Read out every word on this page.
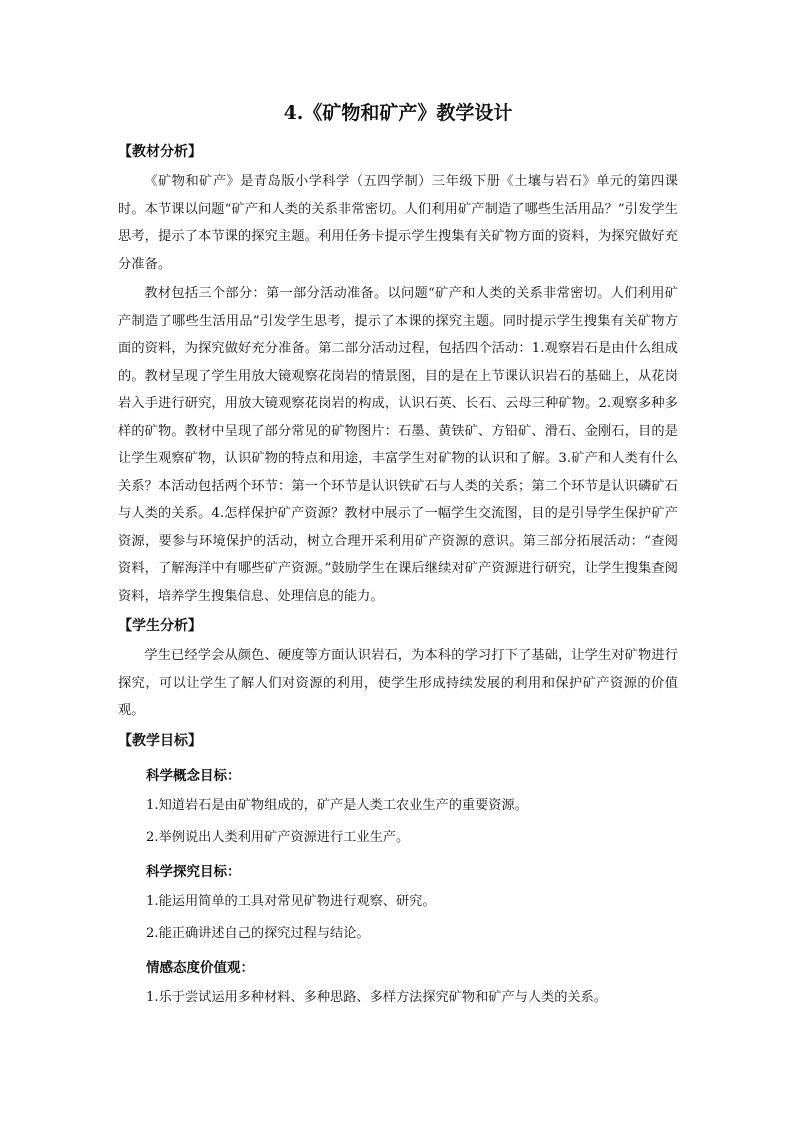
4.《矿物和矿产》教学设计
【教材分析】

《矿物和矿产》是青岛版小学科学（五四学制）三年级下册《土壤与岩石》单元的第四课时。本节课以问题“矿产和人类的关系非常密切。人们利用矿产制造了哪些生活用品？”引发学生思考，提示了本节课的探究主题。利用任务卡提示学生搜集有关矿物方面的资料，为探究做好充分准备。

教材包括三个部分：第一部分活动准备。以问题“矿产和人类的关系非常密切。人们利用矿产制造了哪些生活用品”引发学生思考，提示了本课的探究主题。同时提示学生搜集有关矿物方面的资料，为探究做好充分准备。第二部分活动过程，包括四个活动：1.观察岩石是由什么组成的。教材呈现了学生用放大镜观察花岗岩的情景图，目的是在上节课认识岩石的基础上，从花岗岩入手进行研究，用放大镜观察花岗岩的构成，认识石英、长石、云母三种矿物。2.观察多种多样的矿物。教材中呈现了部分常见的矿物图片：石墨、黄铁矿、方铅矿、滑石、金刚石，目的是让学生观察矿物，认识矿物的特点和用途，丰富学生对矿物的认识和了解。3.矿产和人类有什么关系？本活动包括两个环节：第一个环节是认识铁矿石与人类的关系；第二个环节是认识磷矿石与人类的关系。4.怎样保护矿产资源？教材中展示了一幅学生交流图，目的是引导学生保护矿产资源，要参与环境保护的活动，树立合理开采利用矿产资源的意识。第三部分拓展活动：“查阅资料，了解海洋中有哪些矿产资源。”鼓励学生在课后继续对矿产资源进行研究，让学生搜集查阅资料，培养学生搜集信息、处理信息的能力。

【学生分析】

学生已经学会从颜色、硬度等方面认识岩石，为本科的学习打下了基础，让学生对矿物进行探究，可以让学生了解人们对资源的利用，使学生形成持续发展的利用和保护矿产资源的价值观。

【教学目标】
科学概念目标：
1.知道岩石是由矿物组成的，矿产是人类工农业生产的重要资源。
2.举例说出人类利用矿产资源进行工业生产。
科学探究目标：
1.能运用简单的工具对常见矿物进行观察、研究。
2.能正确讲述自己的探究过程与结论。
情感态度价值观：
1.乐于尝试运用多种材料、多种思路、多样方法探究矿物和矿产与人类的关系。
